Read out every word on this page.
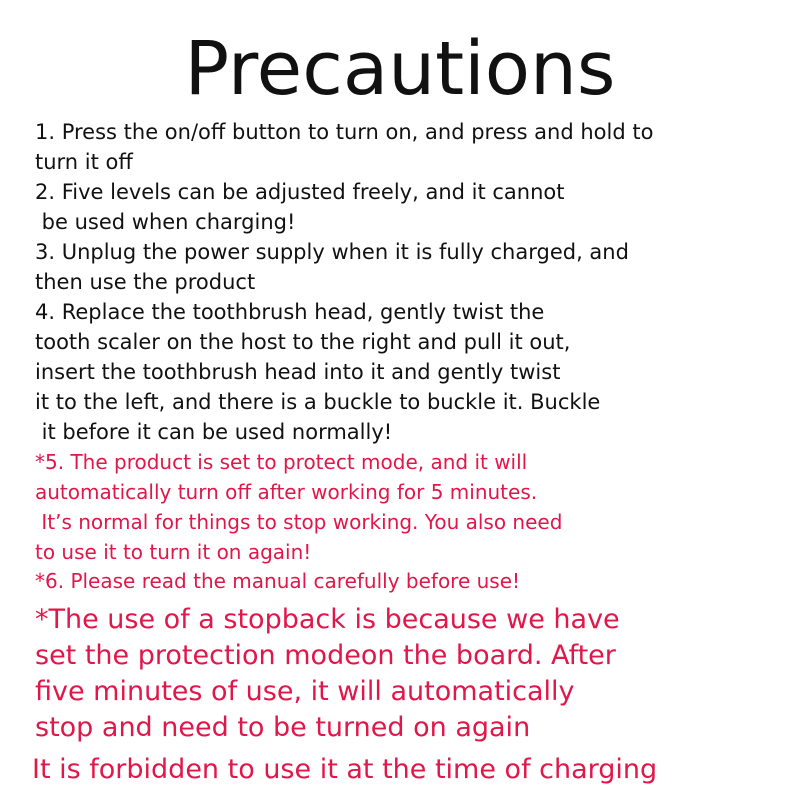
Precautions

1. Press the on/off button to turn on, and press and hold to

turn it off

2. Five levels can be adjusted freely, and it cannot

be used when charging!

3. Unplug the power supply when it is fully charged, and

then use the product

4. Replace the toothbrush head, gently twist the

tooth scaler on the host to the right and pull it out,

insert the toothbrush head into it and gently twist

it to the left, and there is a buckle to buckle it. Buckle

it before it can be used normally!

*5. The product is set to protect mode, and it will

automatically turn off after working for 5 minutes.

It’s normal for things to stop working. You also need

to use it to turn it on again!

*6. Please read the manual carefully before use!

*The use of a stopback is because we have

set the protection modeon the board. After

five minutes of use, it will automatically

stop and need to be turned on again

It is forbidden to use it at the time of charging
